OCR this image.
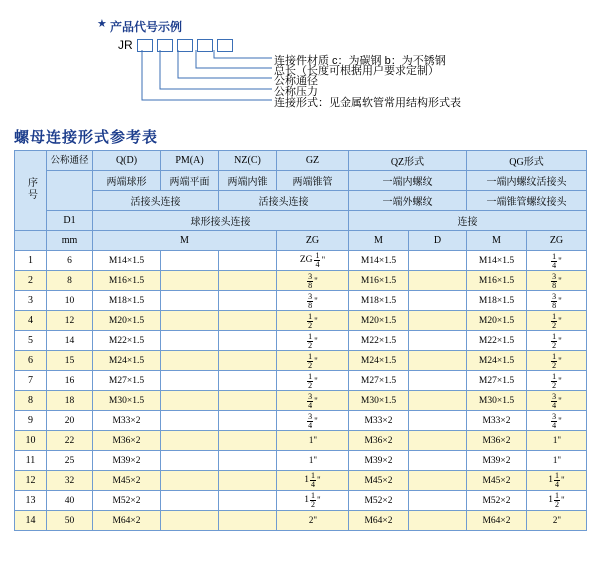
★ 产品代号示例
JR
连接件材质 c：为碳钢 b：为不锈钢
总长（长度可根据用户要求定制）
公称通径
公称压力
连接形式：见金属软管常用结构形式表
螺母连接形式参考表
序号	公称通径	Q(D)	PM(A)	NZ(C)	GZ	QZ形式		QG形式	
		两端球形	两端平面	两端内锥	两端锥管	一端内螺纹		一端内螺纹活接头	
		活接头连接		活接头连接		一端外螺纹		一端锥管螺纹接头	
	D1	球形接头连接				连接			
	mm	M			ZG	M	D	M	ZG
1	6	M14×1.5			ZG $\frac{1}{4}$ "	M14×1.5		M14×1.5	$\frac{1}{4}$ "

2	8	M16×1.5			$\frac{3}{8}$ "	M16×1.5		M16×1.5	$\frac{3}{8}$ "

3	10	M18×1.5			$\frac{3}{8}$ "	M18×1.5		M18×1.5	$\frac{3}{8}$ "

4	12	M20×1.5			$\frac{1}{2}$ "	M20×1.5		M20×1.5	$\frac{1}{2}$ "

5	14	M22×1.5			$\frac{1}{2}$ "	M22×1.5		M22×1.5	$\frac{1}{2}$ "

6	15	M24×1.5			$\frac{1}{2}$ "	M24×1.5		M24×1.5	$\frac{1}{2}$ "

7	16	M27×1.5			$\frac{1}{2}$ "	M27×1.5		M27×1.5	$\frac{1}{2}$ "

8	18	M30×1.5			$\frac{3}{4}$ "	M30×1.5		M30×1.5	$\frac{3}{4}$ "

9	20	M33×2			$\frac{3}{4}$ "	M33×2		M33×2	$\frac{3}{4}$ "

10	22	M36×2			1"	M36×2		M36×2	1"

11	25	M39×2			1"	M39×2		M39×2	1"

12	32	M45×2			$1 \frac{1}{4}$ "	M45×2		M45×2	$1 \frac{1}{4}$ "

13	40	M52×2			$1 \frac{1}{2}$ "	M52×2		M52×2	$1 \frac{1}{2}$ "

14	50	M64×2			2"	M64×2		M64×2	2"
